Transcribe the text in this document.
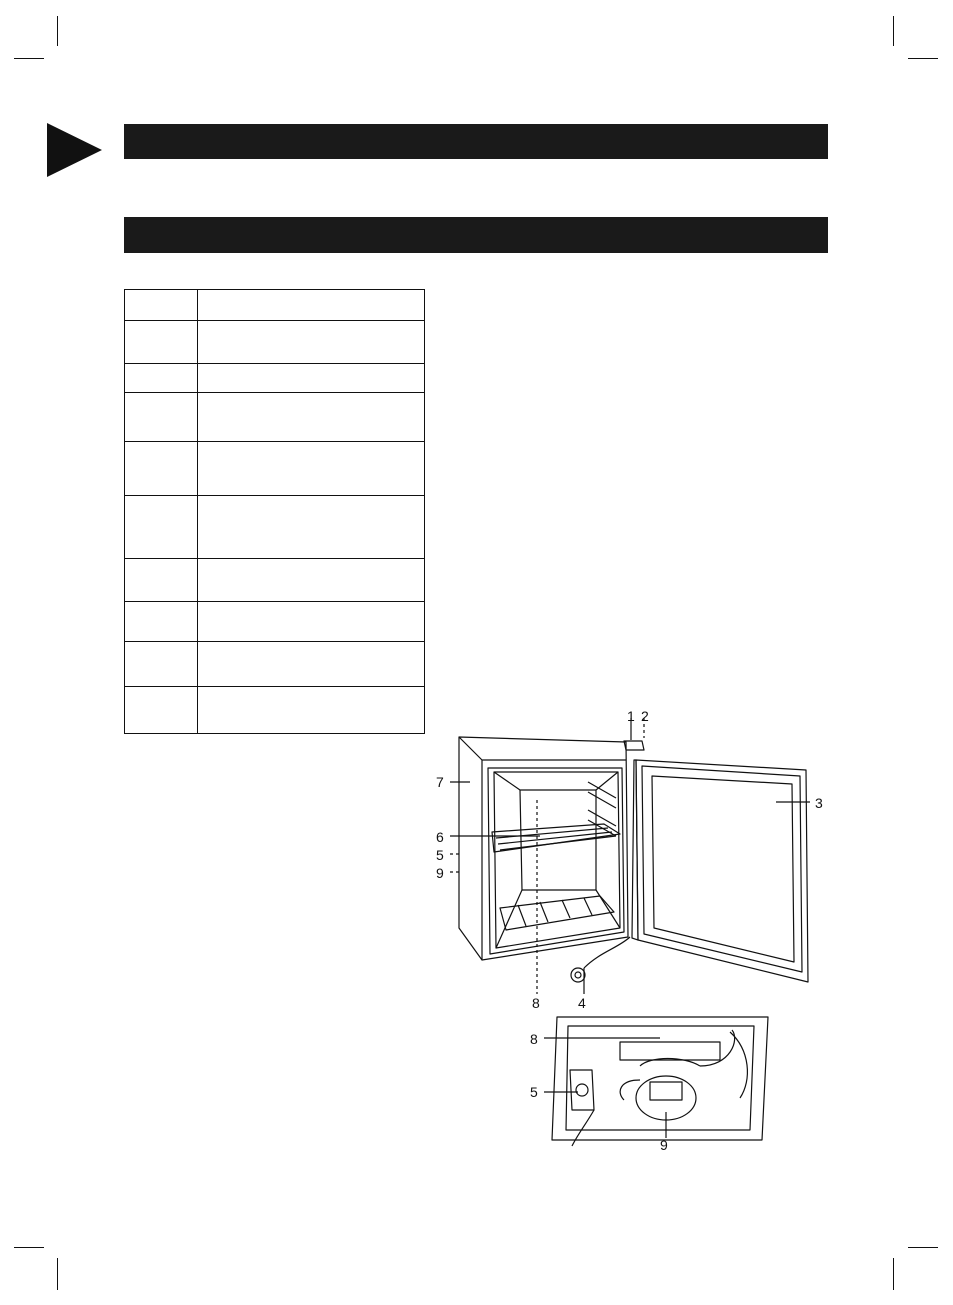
1 2
3
4
5
6
7
8
9
8
5
9
